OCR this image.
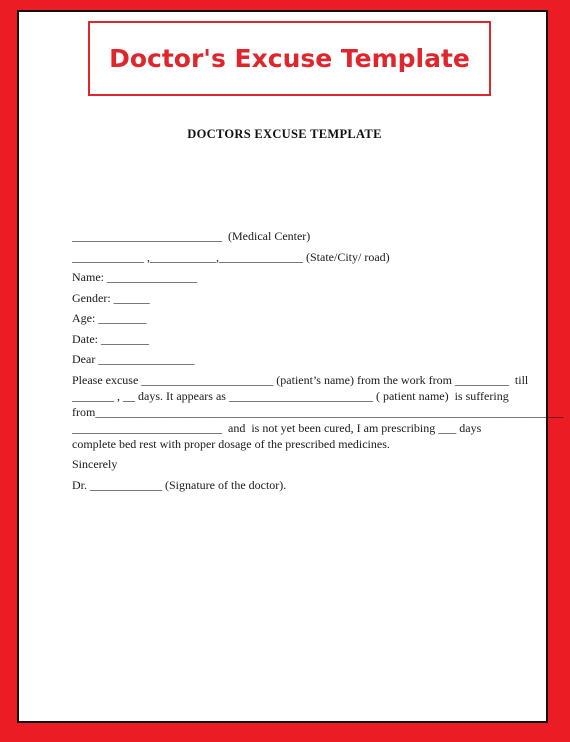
Doctor's Excuse Template
DOCTORS EXCUSE TEMPLATE
_________________________  (Medical Center)
____________ ,___________,______________ (State/City/ road)
Name: _______________
Gender: ______
Age: ________
Date: ________
Dear ________________
Please excuse ______________________ (patient’s name) from the work from _________  till
_______ , __ days. It appears as ________________________ ( patient name)  is suffering
from______________________________________________________________________________
_________________________  and  is not yet been cured, I am prescribing ___ days
complete bed rest with proper dosage of the prescribed medicines.
Sincerely
Dr. ____________ (Signature of the doctor).
